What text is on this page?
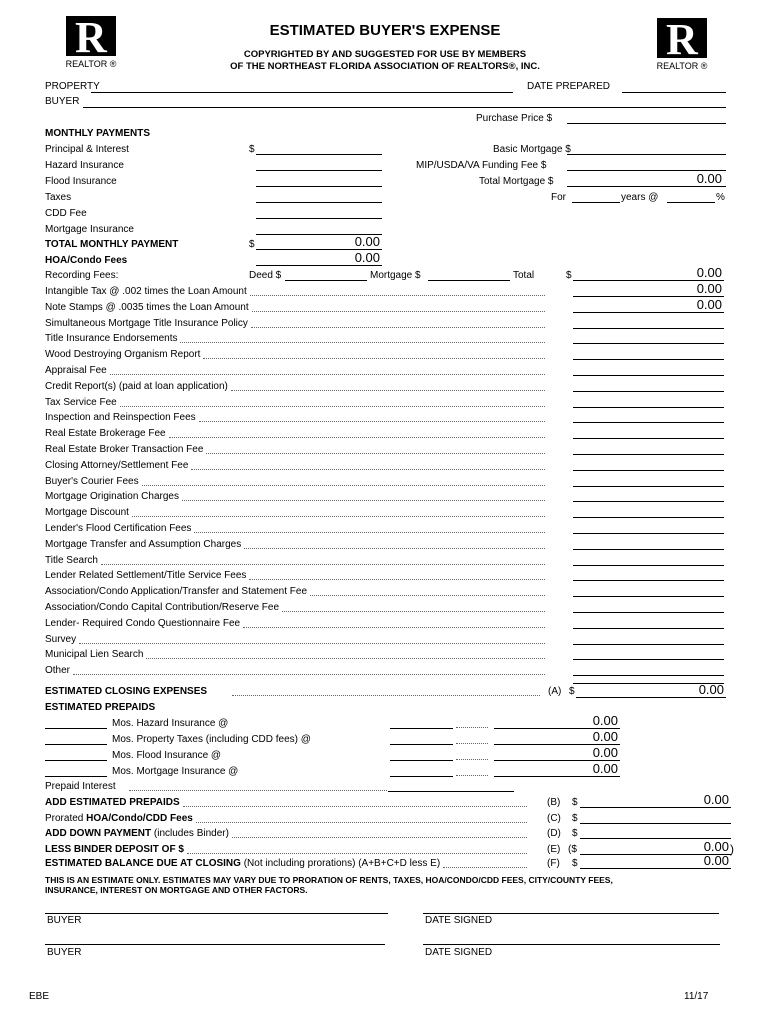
R
REALTOR ®	R
REALTOR ®
ESTIMATED BUYER'S EXPENSE
COPYRIGHTED BY AND SUGGESTED FOR USE BY MEMBERS
OF THE NORTHEAST FLORIDA ASSOCIATION OF REALTORS®, INC.
PROPERTY	DATE PREPARED
BUYER
Purchase Price $
MONTHLY PAYMENTS
Principal & Interest	$
Hazard Insurance
Flood Insurance
Taxes
CDD Fee
Mortgage Insurance
TOTAL MONTHLY PAYMENT	$	0.00
HOA/Condo Fees	0.00
Basic Mortgage $
MIP/USDA/VA Funding Fee $
Total Mortgage $	0.00
For	years @	%
Recording Fees:	Deed $	Mortgage $	Total	$	0.00
Intangible Tax @ .002 times the Loan Amount	0.00
Note Stamps @ .0035 times the Loan Amount	0.00
Simultaneous Mortgage Title Insurance Policy
Title Insurance Endorsements
Wood Destroying Organism Report
Appraisal Fee
Credit Report(s) (paid at loan application)
Tax Service Fee
Inspection and Reinspection Fees
Real Estate Brokerage Fee
Real Estate Broker Transaction Fee
Closing Attorney/Settlement Fee
Buyer's Courier Fees
Mortgage Origination Charges
Mortgage Discount
Lender's Flood Certification Fees
Mortgage Transfer and Assumption Charges
Title Search
Lender Related Settlement/Title Service Fees
Association/Condo Application/Transfer and Statement Fee
Association/Condo Capital Contribution/Reserve Fee
Lender- Required Condo Questionnaire Fee
Survey
Municipal Lien Search
Other
ESTIMATED CLOSING EXPENSES	(A) $	0.00
ESTIMATED PREPAIDS
Mos. Hazard Insurance @	0.00
Mos. Property Taxes (including CDD fees) @	0.00
Mos. Flood Insurance @	0.00
Mos. Mortgage Insurance @	0.00
Prepaid Interest
ADD ESTIMATED PREPAIDS	(B) $	0.00
Prorated HOA/Condo/CDD Fees	(C) $
ADD DOWN PAYMENT (includes Binder)	(D) $
LESS BINDER DEPOSIT OF $	(E) ($	0.00 )
ESTIMATED BALANCE DUE AT CLOSING (Not including prorations) (A+B+C+D less E)	(F) $	0.00
THIS IS AN ESTIMATE ONLY. ESTIMATES MAY VARY DUE TO PRORATION OF RENTS, TAXES, HOA/CONDO/CDD FEES, CITY/COUNTY FEES,
INSURANCE, INTEREST ON MORTGAGE AND OTHER FACTORS.
BUYER	DATE SIGNED
BUYER	DATE SIGNED
EBE	11/17
